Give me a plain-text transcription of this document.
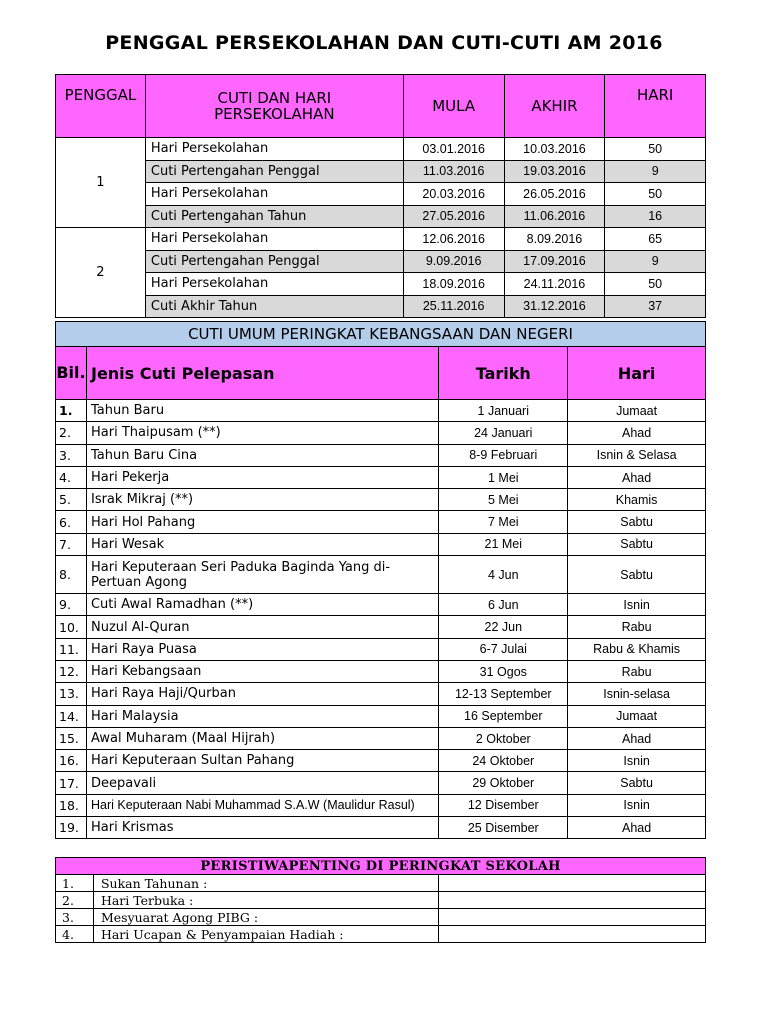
PENGGAL PERSEKOLAHAN DAN CUTI-CUTI AM 2016
PENGGAL	CUTI DAN HARI PERSEKOLAHAN	MULA	AKHIR	HARI
1	Hari Persekolahan	03.01.2016	10.03.2016	50
	Cuti Pertengahan Penggal	11.03.2016	19.03.2016	9
	Hari Persekolahan	20.03.2016	26.05.2016	50
	Cuti Pertengahan Tahun	27.05.2016	11.06.2016	16
2	Hari Persekolahan	12.06.2016	8.09.2016	65
	Cuti Pertengahan Penggal	9.09.2016	17.09.2016	9
	Hari Persekolahan	18.09.2016	24.11.2016	50
	Cuti Akhir Tahun	25.11.2016	31.12.2016	37
CUTI UMUM PERINGKAT KEBANGSAAN DAN NEGERI			
Bil.	Jenis Cuti Pelepasan	Tarikh	Hari
1.	Tahun Baru	1 Januari	Jumaat
2.	Hari Thaipusam (**)	24 Januari	Ahad
3.	Tahun Baru Cina	8-9 Februari	Isnin & Selasa
4.	Hari Pekerja	1 Mei	Ahad
5.	Israk Mikraj (**)	5 Mei	Khamis
6.	Hari Hol Pahang	7 Mei	Sabtu
7.	Hari Wesak	21 Mei	Sabtu
8.	Hari Keputeraan Seri Paduka Baginda Yang di-Pertuan Agong	4 Jun	Sabtu
9.	Cuti Awal Ramadhan (**)	6 Jun	Isnin
10.	Nuzul Al-Quran	22 Jun	Rabu
11.	Hari Raya Puasa	6-7 Julai	Rabu & Khamis
12.	Hari Kebangsaan	31 Ogos	Rabu
13.	Hari Raya Haji/Qurban	12-13 September	Isnin-selasa
14.	Hari Malaysia	16 September	Jumaat
15.	Awal Muharam (Maal Hijrah)	2 Oktober	Ahad
16.	Hari Keputeraan Sultan Pahang	24 Oktober	Isnin
17.	Deepavali	29 Oktober	Sabtu
18.	Hari Keputeraan Nabi Muhammad S.A.W (Maulidur Rasul)	12 Disember	Isnin
19.	Hari Krismas	25 Disember	Ahad
PERISTIWAPENTING DI PERINGKAT SEKOLAH		
1.	Sukan Tahunan :	
2.	Hari Terbuka :	
3.	Mesyuarat Agong PIBG :	
4.	Hari Ucapan & Penyampaian Hadiah :	
